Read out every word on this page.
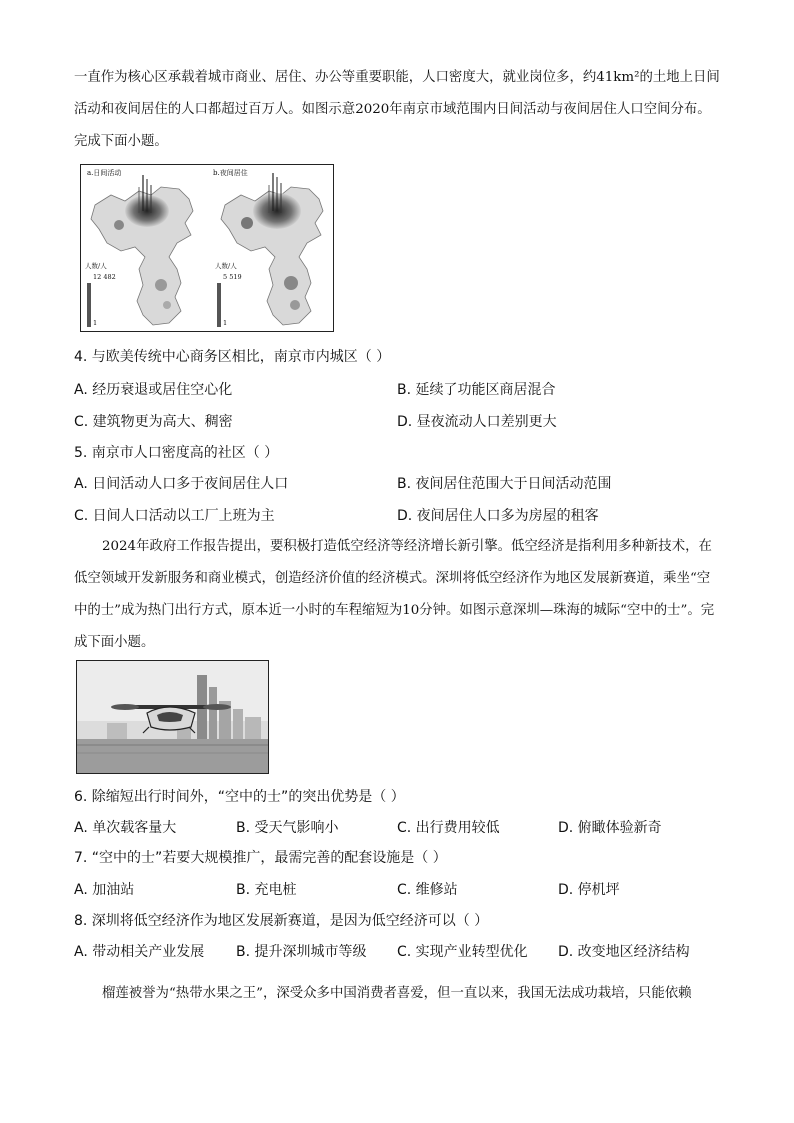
一直作为核心区承载着城市商业、居住、办公等重要职能，人口密度大，就业岗位多，约41km²的土地上日间活动和夜间居住的人口都超过百万人。如图示意2020年南京市域范围内日间活动与夜间居住人口空间分布。完成下面小题。

a.日间活动	b.夜间居住
人数/人
12 482
1
人数/人
5 519
1

4. 与欧美传统中心商务区相比，南京市内城区（ ）

A. 经历衰退或居住空心化	B. 延续了功能区商居混合
C. 建筑物更为高大、稠密	D. 昼夜流动人口差别更大

5. 南京市人口密度高的社区（ ）

A. 日间活动人口多于夜间居住人口	B. 夜间居住范围大于日间活动范围
C. 日间人口活动以工厂上班为主	D. 夜间居住人口多为房屋的租客

2024年政府工作报告提出，要积极打造低空经济等经济增长新引擎。低空经济是指利用多种新技术，在低空领域开发新服务和商业模式，创造经济价值的经济模式。深圳将低空经济作为地区发展新赛道，乘坐“空中的士”成为热门出行方式，原本近一小时的车程缩短为10分钟。如图示意深圳—珠海的城际“空中的士”。完成下面小题。

6. 除缩短出行时间外，“空中的士”的突出优势是（ ）

A. 单次载客量大	B. 受天气影响小	C. 出行费用较低	D. 俯瞰体验新奇

7. “空中的士”若要大规模推广，最需完善的配套设施是（ ）

A. 加油站	B. 充电桩	C. 维修站	D. 停机坪

8. 深圳将低空经济作为地区发展新赛道，是因为低空经济可以（ ）

A. 带动相关产业发展 B. 提升深圳城市等级 C. 实现产业转型优化 D. 改变地区经济结构

榴莲被誉为“热带水果之王”，深受众多中国消费者喜爱，但一直以来，我国无法成功栽培，只能依赖
